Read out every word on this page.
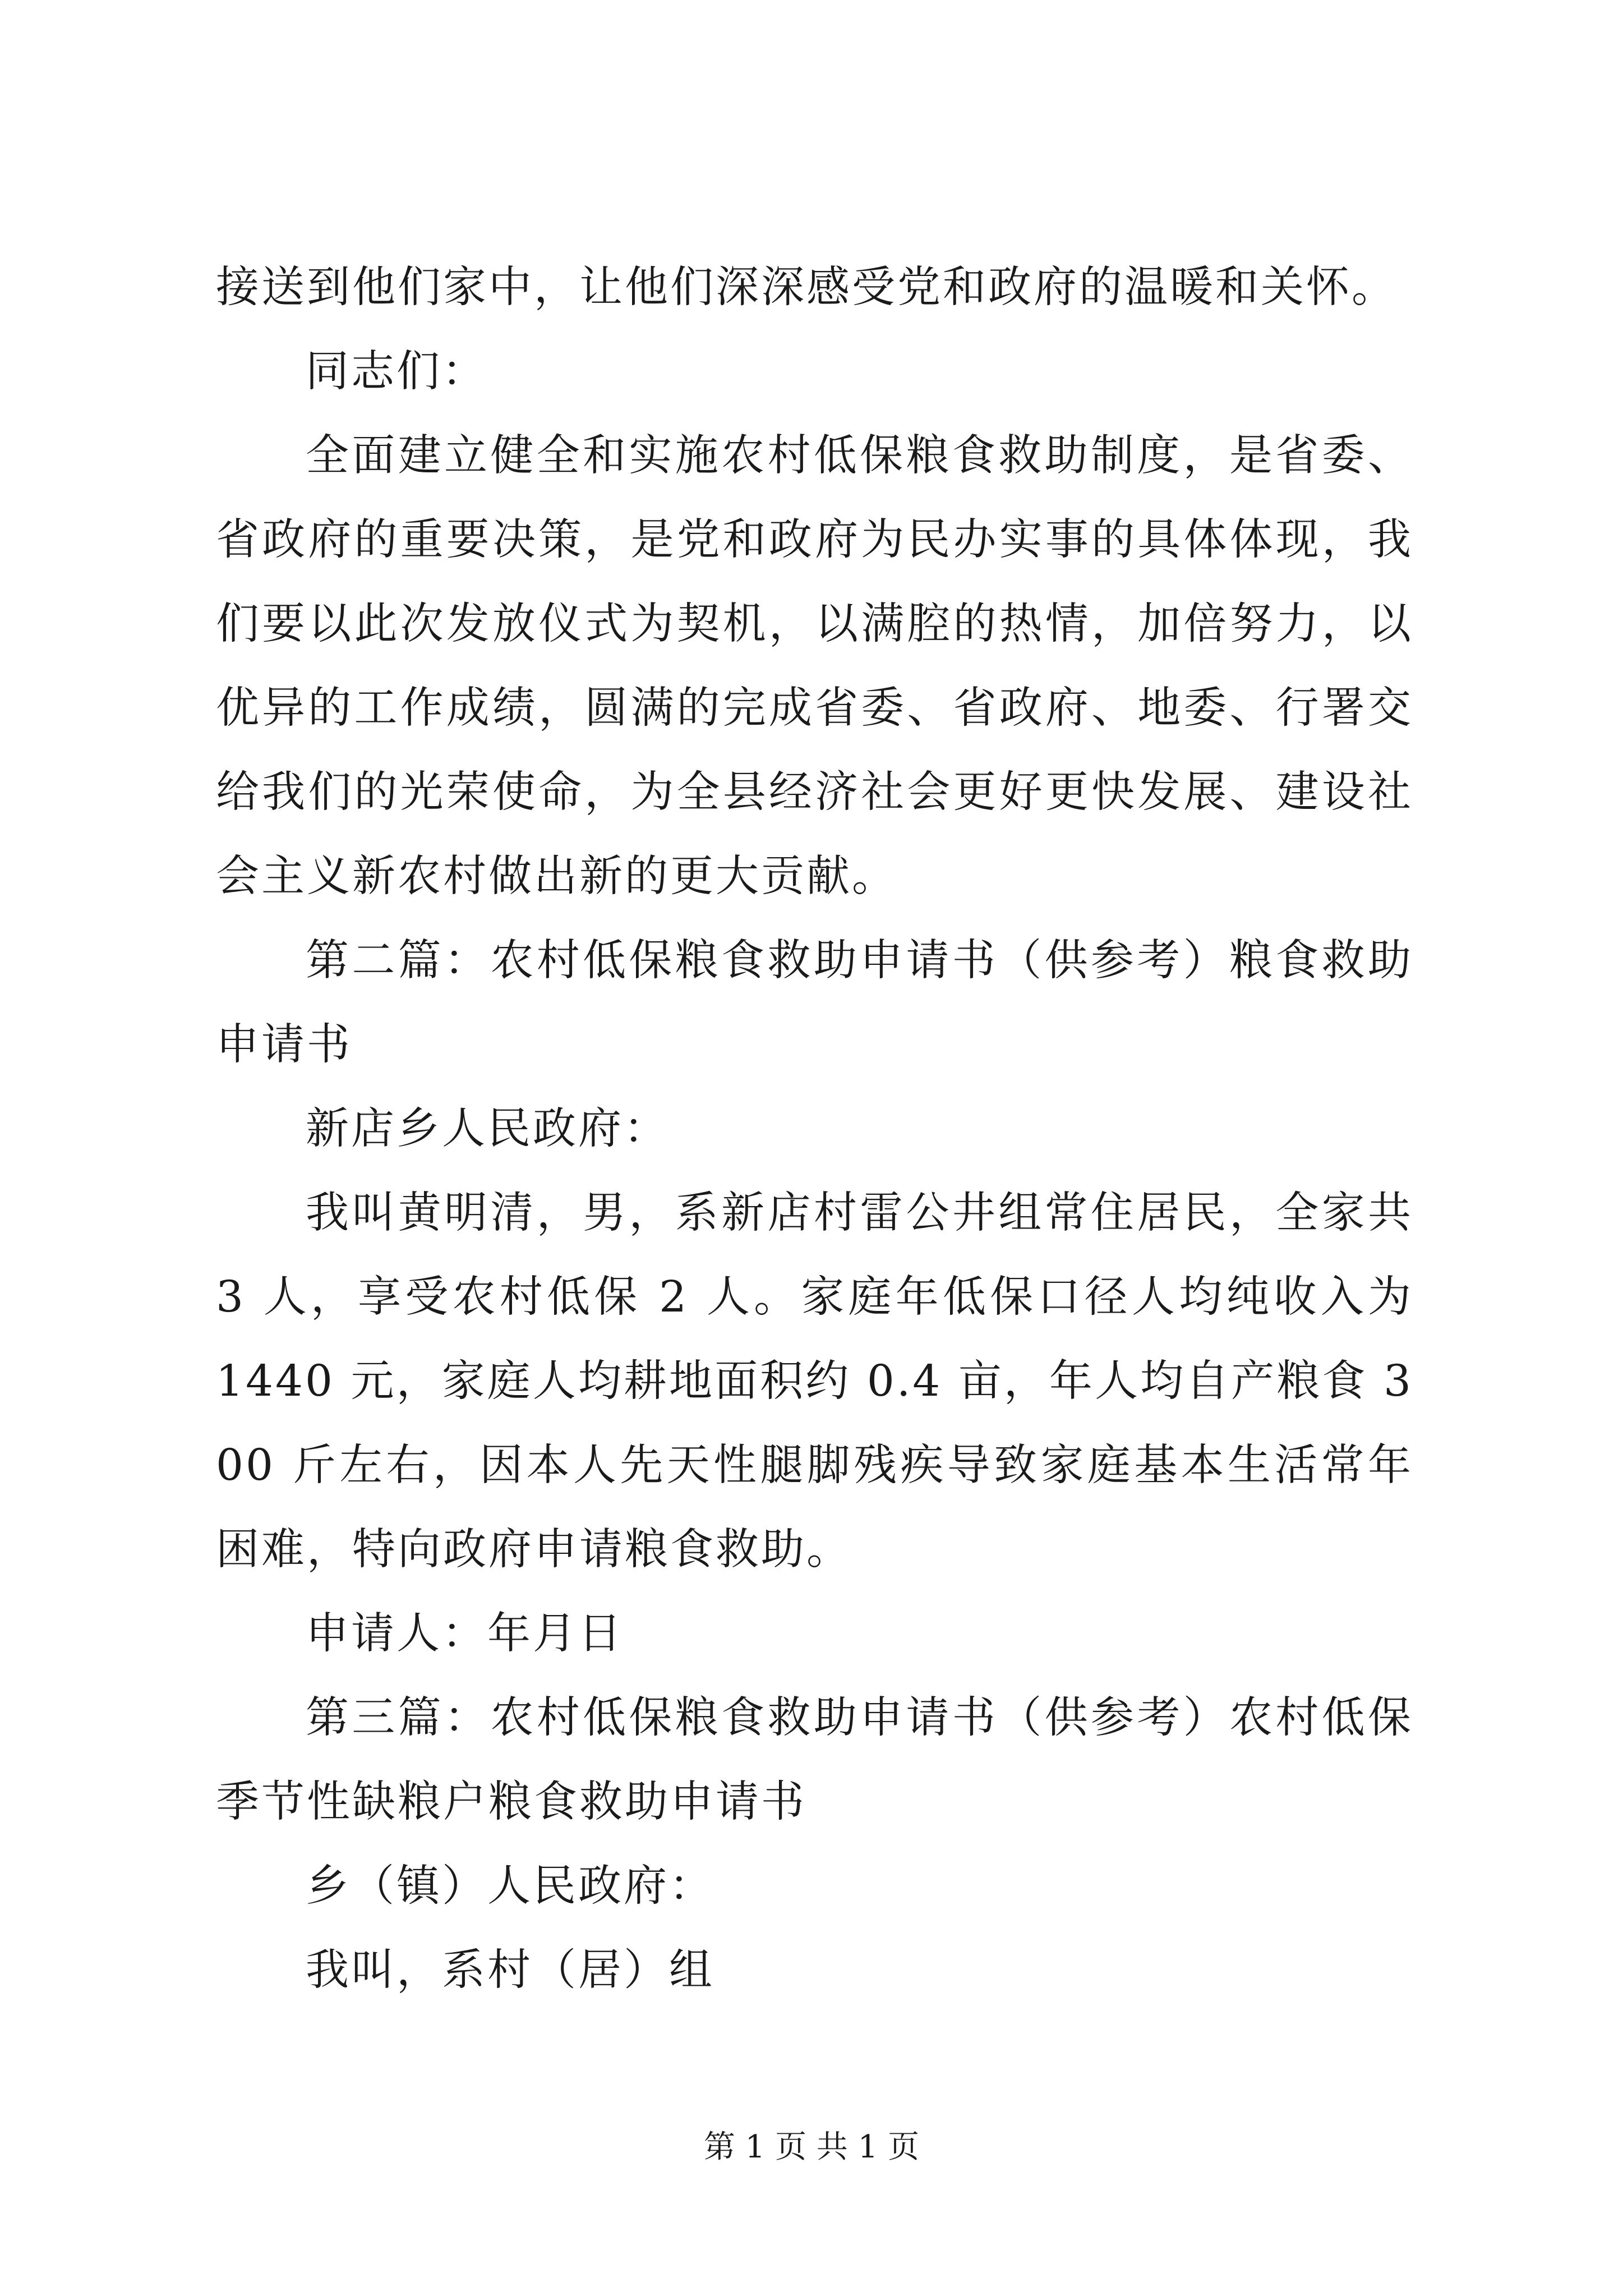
接送到他们家中，让他们深深感受党和政府的温暖和关怀。

同志们：

全面建立健全和实施农村低保粮食救助制度，是省委、省政府的重要决策，是党和政府为民办实事的具体体现，我们要以此次发放仪式为契机，以满腔的热情，加倍努力，以优异的工作成绩，圆满的完成省委、省政府、地委、行署交给我们的光荣使命，为全县经济社会更好更快发展、建设社会主义新农村做出新的更大贡献。

第二篇：农村低保粮食救助申请书（供参考）粮食救助申请书

新店乡人民政府：

我叫黄明清，男，系新店村雷公井组常住居民，全家共 3 人，享受农村低保 2 人。家庭年低保口径人均纯收入为 1440 元，家庭人均耕地面积约 0.4 亩，年人均自产粮食 300 斤左右，因本人先天性腿脚残疾导致家庭基本生活常年困难，特向政府申请粮食救助。

申请人：年月日

第三篇：农村低保粮食救助申请书（供参考）农村低保季节性缺粮户粮食救助申请书

乡（镇）人民政府：

我叫，系村（居）组

第 1 页 共 1 页
